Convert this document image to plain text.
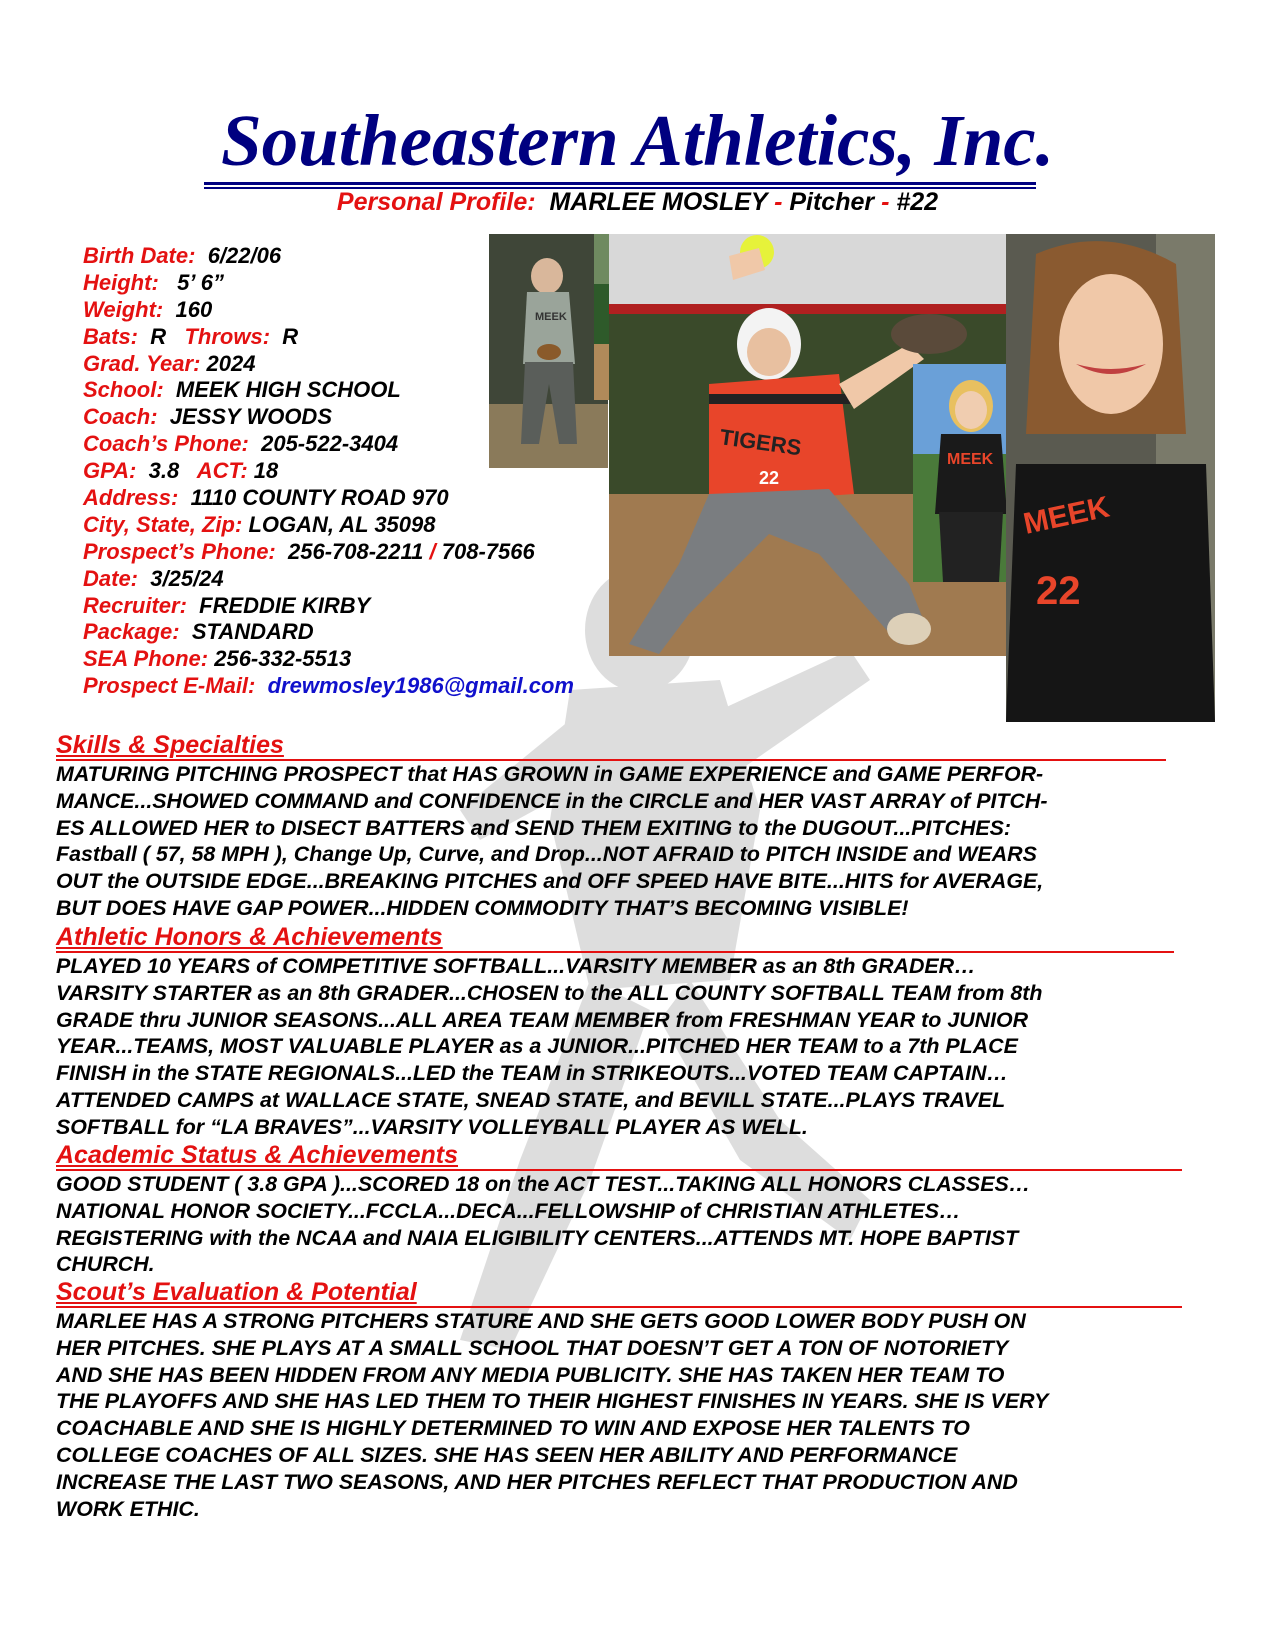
Southeastern Athletics, Inc.
Personal Profile: MARLEE MOSLEY - Pitcher - #22
Birth Date: 6/22/06
Height: 5’ 6”
Weight: 160
Bats: R Throws: R
Grad. Year: 2024
School: MEEK HIGH SCHOOL
Coach: JESSY WOODS
Coach’s Phone: 205-522-3404
GPA: 3.8 ACT: 18
Address: 1110 COUNTY ROAD 970
City, State, Zip: LOGAN, AL 35098
Prospect’s Phone: 256-708-2211 / 708-7566
Date: 3/25/24
Recruiter: FREDDIE KIRBY
Package: STANDARD
SEA Phone: 256-332-5513
Prospect E-Mail: drewmosley1986@gmail.com
MEEK
TIGERS
22
MEEK
22
MEEK
Skills & Specialties
MATURING PITCHING PROSPECT that HAS GROWN in GAME EXPERIENCE and GAME PERFOR-
MANCE...SHOWED COMMAND and CONFIDENCE in the CIRCLE and HER VAST ARRAY of PITCH-
ES ALLOWED HER to DISECT BATTERS and SEND THEM EXITING to the DUGOUT...PITCHES:
Fastball ( 57, 58 MPH ), Change Up, Curve, and Drop...NOT AFRAID to PITCH INSIDE and WEARS
OUT the OUTSIDE EDGE...BREAKING PITCHES and OFF SPEED HAVE BITE...HITS for AVERAGE,
BUT DOES HAVE GAP POWER...HIDDEN COMMODITY THAT’S BECOMING VISIBLE!
Athletic Honors & Achievements
PLAYED 10 YEARS of COMPETITIVE SOFTBALL...VARSITY MEMBER as an 8th GRADER…
VARSITY STARTER as an 8th GRADER...CHOSEN to the ALL COUNTY SOFTBALL TEAM from 8th
GRADE thru JUNIOR SEASONS...ALL AREA TEAM MEMBER from FRESHMAN YEAR to JUNIOR
YEAR...TEAMS, MOST VALUABLE PLAYER as a JUNIOR...PITCHED HER TEAM to a 7th PLACE
FINISH in the STATE REGIONALS...LED the TEAM in STRIKEOUTS...VOTED TEAM CAPTAIN…
ATTENDED CAMPS at WALLACE STATE, SNEAD STATE, and BEVILL STATE...PLAYS TRAVEL
SOFTBALL for “LA BRAVES”...VARSITY VOLLEYBALL PLAYER AS WELL.
Academic Status & Achievements
GOOD STUDENT ( 3.8 GPA )...SCORED 18 on the ACT TEST...TAKING ALL HONORS CLASSES…
NATIONAL HONOR SOCIETY...FCCLA...DECA...FELLOWSHIP of CHRISTIAN ATHLETES…
REGISTERING with the NCAA and NAIA ELIGIBILITY CENTERS...ATTENDS MT. HOPE BAPTIST
CHURCH.
Scout’s Evaluation & Potential
MARLEE HAS A STRONG PITCHERS STATURE AND SHE GETS GOOD LOWER BODY PUSH ON
HER PITCHES. SHE PLAYS AT A SMALL SCHOOL THAT DOESN’T GET A TON OF NOTORIETY
AND SHE HAS BEEN HIDDEN FROM ANY MEDIA PUBLICITY. SHE HAS TAKEN HER TEAM TO
THE PLAYOFFS AND SHE HAS LED THEM TO THEIR HIGHEST FINISHES IN YEARS. SHE IS VERY
COACHABLE AND SHE IS HIGHLY DETERMINED TO WIN AND EXPOSE HER TALENTS TO
COLLEGE COACHES OF ALL SIZES. SHE HAS SEEN HER ABILITY AND PERFORMANCE
INCREASE THE LAST TWO SEASONS, AND HER PITCHES REFLECT THAT PRODUCTION AND
WORK ETHIC.
